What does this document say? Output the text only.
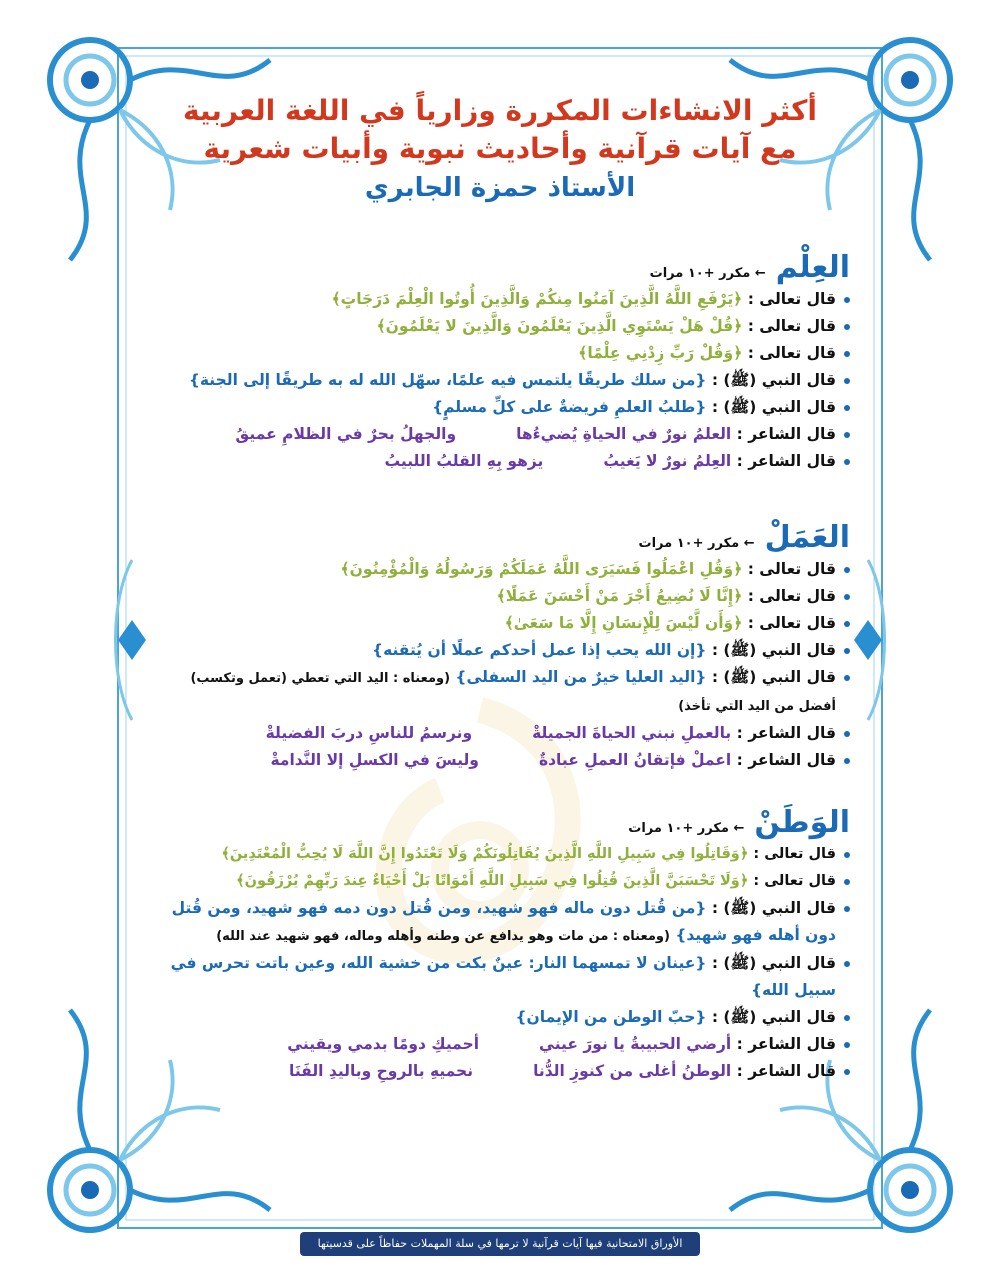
أكثر الانشاءات المكررة وزارياً في اللغة العربية
مع آيات قرآنية وأحاديث نبوية وأبيات شعرية
الأستاذ حمزة الجابري
العِلْم
← مكرر +١٠ مرات
قال تعالى : ﴿يَرْفَعِ اللَّهُ الَّذِينَ آمَنُوا مِنكُمْ وَالَّذِينَ أُوتُوا الْعِلْمَ دَرَجَاتٍ﴾
قال تعالى : ﴿قُلْ هَلْ يَسْتَوِي الَّذِينَ يَعْلَمُونَ وَالَّذِينَ لا يَعْلَمُونَ﴾
قال تعالى : ﴿وَقُلْ رَبِّ زِدْنِي عِلْمًا﴾
قال النبي (ﷺ) : {من سلك طريقًا يلتمس فيه علمًا، سهّل الله له به طريقًا إلى الجنة}
قال النبي (ﷺ) : {طلبُ العلمِ فريضةٌ على كلِّ مسلمٍ}
قال الشاعر : العلمُ نورٌ في الحياةِ يُضيءُهاوالجهلُ بحرٌ في الظلامِ عميقُ
قال الشاعر : العِلمُ نورٌ لا يَغيبُيزهو بِهِ القلبُ اللبيبُ
العَمَلْ
← مكرر +١٠ مرات
قال تعالى : ﴿وَقُلِ اعْمَلُوا فَسَيَرَى اللَّهُ عَمَلَكُمْ وَرَسُولُهُ وَالْمُؤْمِنُونَ﴾
قال تعالى : ﴿إِنَّا لَا نُضِيعُ أَجْرَ مَنْ أَحْسَنَ عَمَلًا﴾
قال تعالى : ﴿وَأَن لَّيْسَ لِلْإِنسَانِ إِلَّا مَا سَعَىٰ﴾
قال النبي (ﷺ) : {إن الله يحب إذا عمل أحدكم عملًا أن يُتقنه}
قال النبي (ﷺ) : {اليد العليا خيرٌ من اليد السفلى} (ومعناه : اليد التي تعطي (تعمل وتكسب) أفضل من اليد التي تأخذ)
قال الشاعر : بالعملِ نبني الحياةَ الجميلةْونرسمُ للناسِ دربَ الفضيلةْ
قال الشاعر : اعملْ فإتقانُ العملِ عبادةٌوليسَ في الكسلِ إلا النَّدامةْ
الوَطَنْ
← مكرر +١٠ مرات
قال تعالى : ﴿وَقَاتِلُوا فِي سَبِيلِ اللَّهِ الَّذِينَ يُقَاتِلُونَكُمْ وَلَا تَعْتَدُوا إِنَّ اللَّهَ لَا يُحِبُّ الْمُعْتَدِينَ﴾
قال تعالى : ﴿وَلَا تَحْسَبَنَّ الَّذِينَ قُتِلُوا فِي سَبِيلِ اللَّهِ أَمْوَاتًا بَلْ أَحْيَاءٌ عِندَ رَبِّهِمْ يُرْزَقُونَ﴾
قال النبي (ﷺ) : {من قُتل دون ماله فهو شهيد، ومن قُتل دون دمه فهو شهيد، ومن قُتل دون أهله فهو شهيد} (ومعناه : من مات وهو يدافع عن وطنه وأهله وماله، فهو شهيد عند الله)
قال النبي (ﷺ) : {عينان لا تمسهما النار: عينٌ بكت من خشية الله، وعين باتت تحرس في سبيل الله}
قال النبي (ﷺ) : {حبّ الوطن من الإيمان}
قال الشاعر : أرضي الحبيبةُ يا نورَ عينيأحميكِ دومًا بدمي ويقيني
قال الشاعر : الوطنُ أغلى من كنوزِ الدُّنانحميهِ بالروحِ وباليدِ الفَنَا
الأوراق الامتحانية فيها آيات قرآنية لا ترمها في سلة المهملات حفاظاً على قدسيتها
